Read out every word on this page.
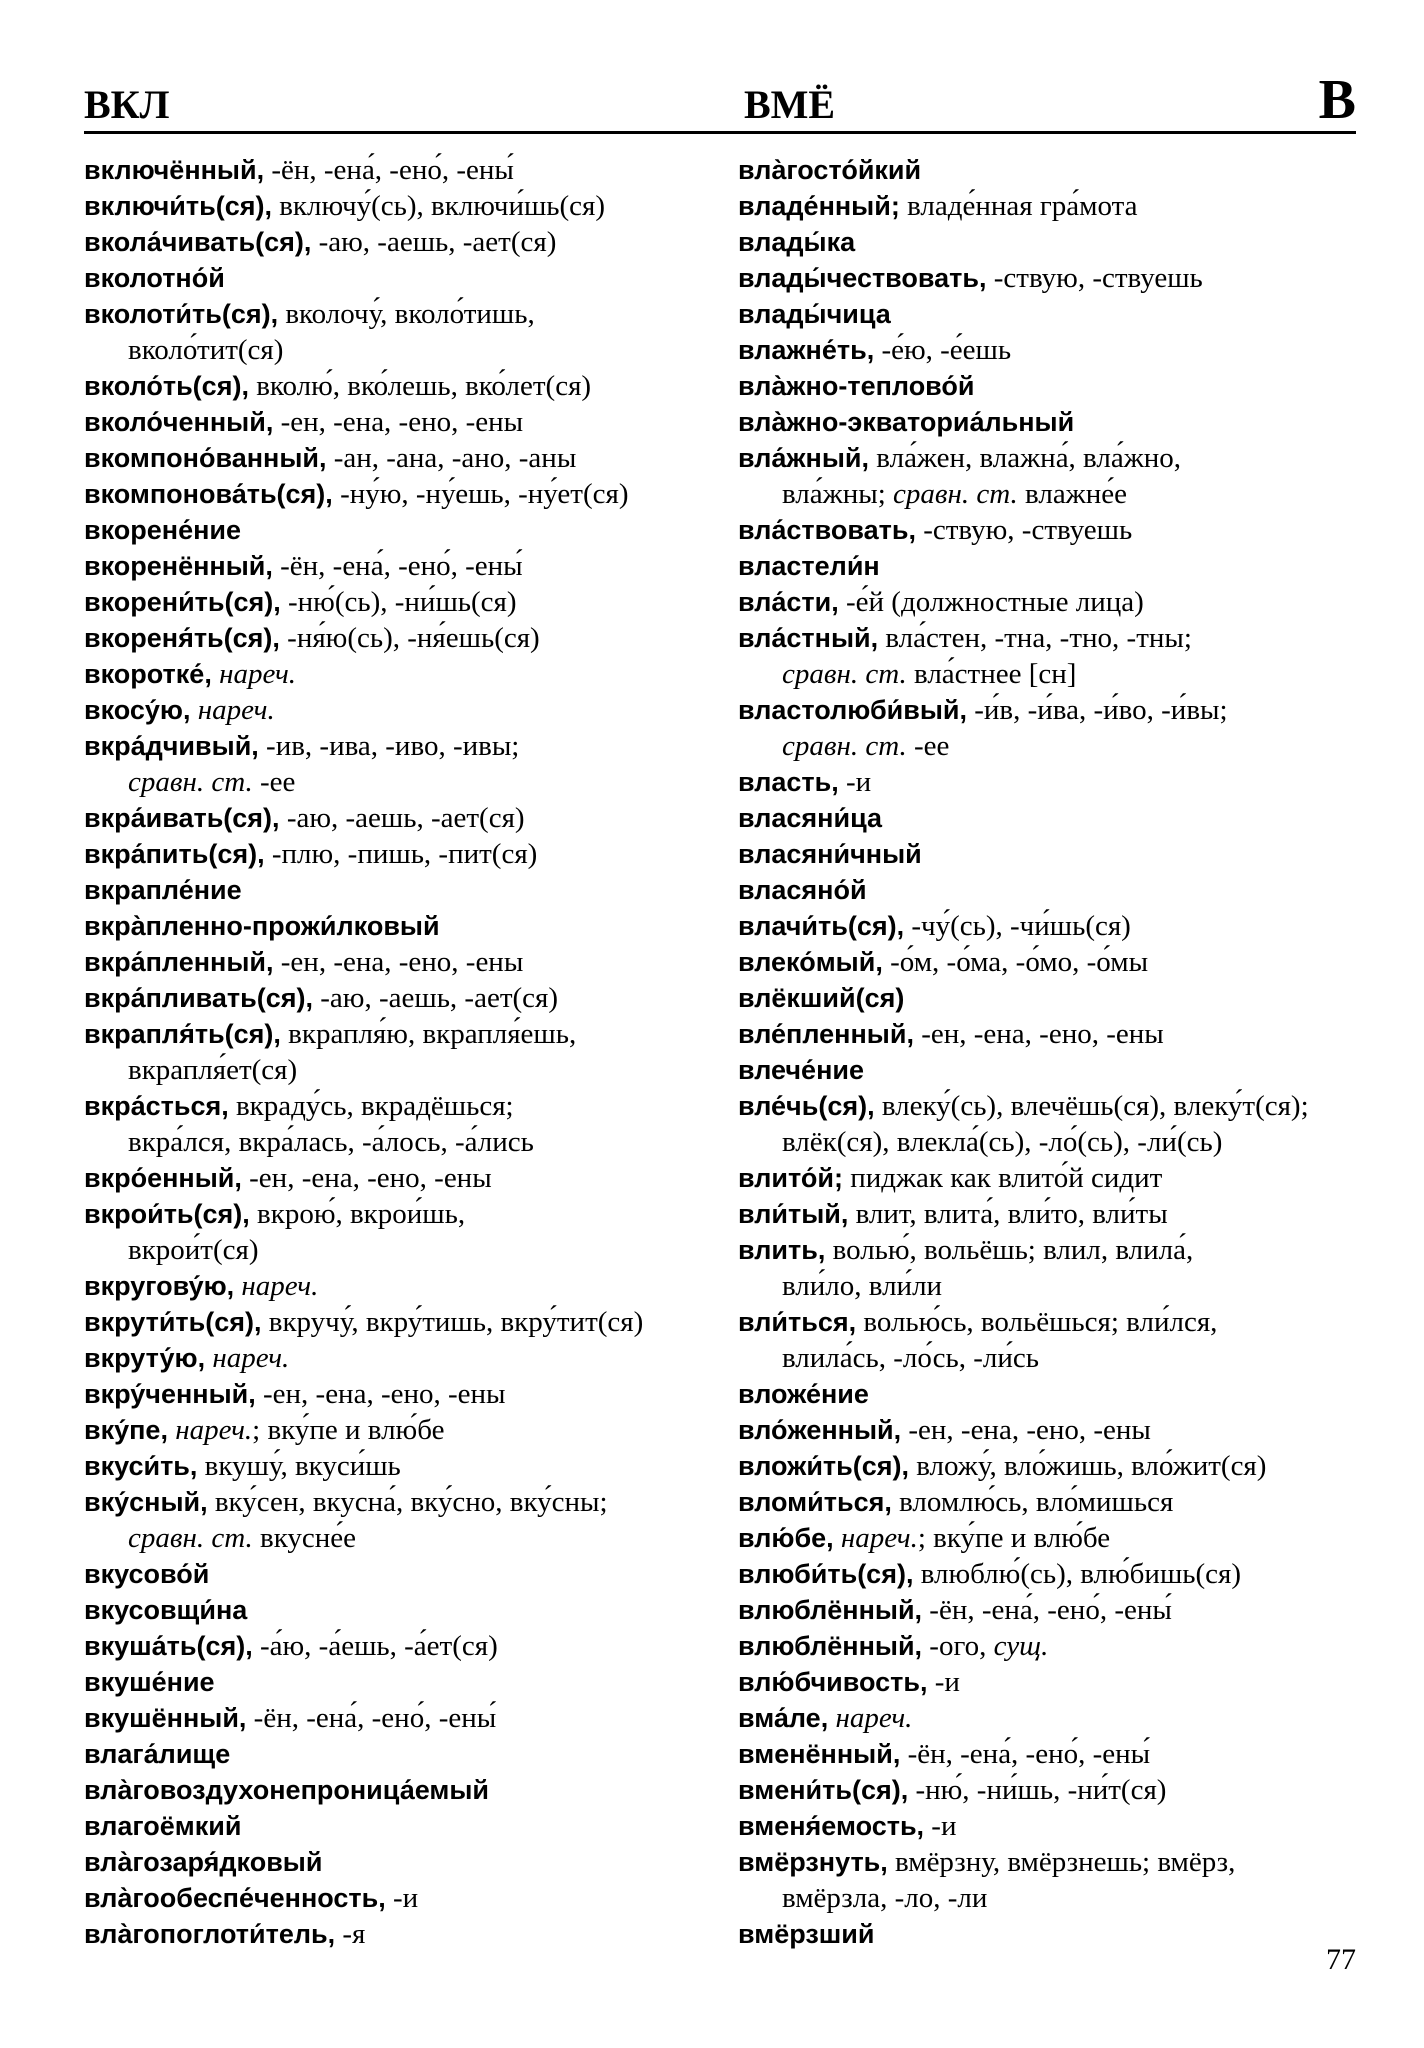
ВКЛ	ВМЁ	В
включённый, -ён, -ена́, -ено́, -ены́
включи́ть(ся), включу́(сь), включи́шь(ся)
вкола́чивать(ся), -аю, -аешь, -ает(ся)
вколотно́й
вколоти́ть(ся), вколочу́, вколо́тишь,
вколо́тит(ся)
вколо́ть(ся), вколю́, вко́лешь, вко́лет(ся)
вколо́ченный, -ен, -ена, -ено, -ены
вкомпоно́ванный, -ан, -ана, -ано, -аны
вкомпонова́ть(ся), -ну́ю, -ну́ешь, -ну́ет(ся)
вкорене́ние
вкоренённый, -ён, -ена́, -ено́, -ены́
вкорени́ть(ся), -ню́(сь), -ни́шь(ся)
вкореня́ть(ся), -ня́ю(сь), -ня́ешь(ся)
вкоротке́, нареч.
вкосу́ю, нареч.
вкра́дчивый, -ив, -ива, -иво, -ивы;
сравн. ст. -ее
вкра́ивать(ся), -аю, -аешь, -ает(ся)
вкра́пить(ся), -плю, -пишь, -пит(ся)
вкрапле́ние
вкра̀пленно-прожи́лковый
вкра́пленный, -ен, -ена, -ено, -ены
вкра́пливать(ся), -аю, -аешь, -ает(ся)
вкрапля́ть(ся), вкрапля́ю, вкрапля́ешь,
вкрапля́ет(ся)
вкра́сться, вкраду́сь, вкрадёшься;
вкра́лся, вкра́лась, -а́лось, -а́лись
вкро́енный, -ен, -ена, -ено, -ены
вкрои́ть(ся), вкрою́, вкрои́шь,
вкрои́т(ся)
вкругову́ю, нареч.
вкрути́ть(ся), вкручу́, вкру́тишь, вкру́тит(ся)
вкруту́ю, нареч.
вкру́ченный, -ен, -ена, -ено, -ены
вку́пе, нареч.; вку́пе и влю́бе
вкуси́ть, вкушу́, вкуси́шь
вку́сный, вку́сен, вкусна́, вку́сно, вку́сны;
сравн. ст. вкусне́е
вкусово́й
вкусовщи́на
вкуша́ть(ся), -а́ю, -а́ешь, -а́ет(ся)
вкуше́ние
вкушённый, -ён, -ена́, -ено́, -ены́
влага́лище
вла̀говоздухонепроница́емый
влагоёмкий
вла̀гозаря́дковый
вла̀гообеспе́ченность, -и
вла̀гопоглоти́тель, -я
вла̀госто́йкий
владе́нный; владе́нная гра́мота
влады́ка
влады́чествовать, -ствую, -ствуешь
влады́чица
влажне́ть, -е́ю, -е́ешь
вла̀жно-теплово́й
вла̀жно-экваториа́льный
вла́жный, вла́жен, влажна́, вла́жно,
вла́жны; сравн. ст. влажне́е
вла́ствовать, -ствую, -ствуешь
властели́н
вла́сти, -е́й (должностные лица)
вла́стный, вла́стен, -тна, -тно, -тны;
сравн. ст. вла́стнее [сн]
властолюби́вый, -и́в, -и́ва, -и́во, -и́вы;
сравн. ст. -ее
власть, -и
власяни́ца
власяни́чный
власяно́й
влачи́ть(ся), -чу́(сь), -чи́шь(ся)
влеко́мый, -о́м, -о́ма, -о́мо, -о́мы
влёкший(ся)
вле́пленный, -ен, -ена, -ено, -ены
влече́ние
вле́чь(ся), влеку́(сь), влечёшь(ся), влеку́т(ся);
влёк(ся), влекла́(сь), -ло́(сь), -ли́(сь)
влито́й; пиджак как влито́й сидит
вли́тый, влит, влита́, вли́то, вли́ты
влить, волью́, вольёшь; влил, влила́,
вли́ло, вли́ли
вли́ться, волью́сь, вольёшься; вли́лся,
влила́сь, -ло́сь, -ли́сь
вложе́ние
вло́женный, -ен, -ена, -ено, -ены
вложи́ть(ся), вложу́, вло́жишь, вло́жит(ся)
вломи́ться, вломлю́сь, вло́мишься
влю́бе, нареч.; вку́пе и влю́бе
влюби́ть(ся), влюблю́(сь), влю́бишь(ся)
влюблённый, -ён, -ена́, -ено́, -ены́
влюблённый, -ого, сущ.
влю́бчивость, -и
вма́ле, нареч.
вменённый, -ён, -ена́, -ено́, -ены́
вмени́ть(ся), -ню́, -ни́шь, -ни́т(ся)
вменя́емость, -и
вмёрзнуть, вмёрзну, вмёрзнешь; вмёрз,
вмёрзла, -ло, -ли
вмёрзший
77
